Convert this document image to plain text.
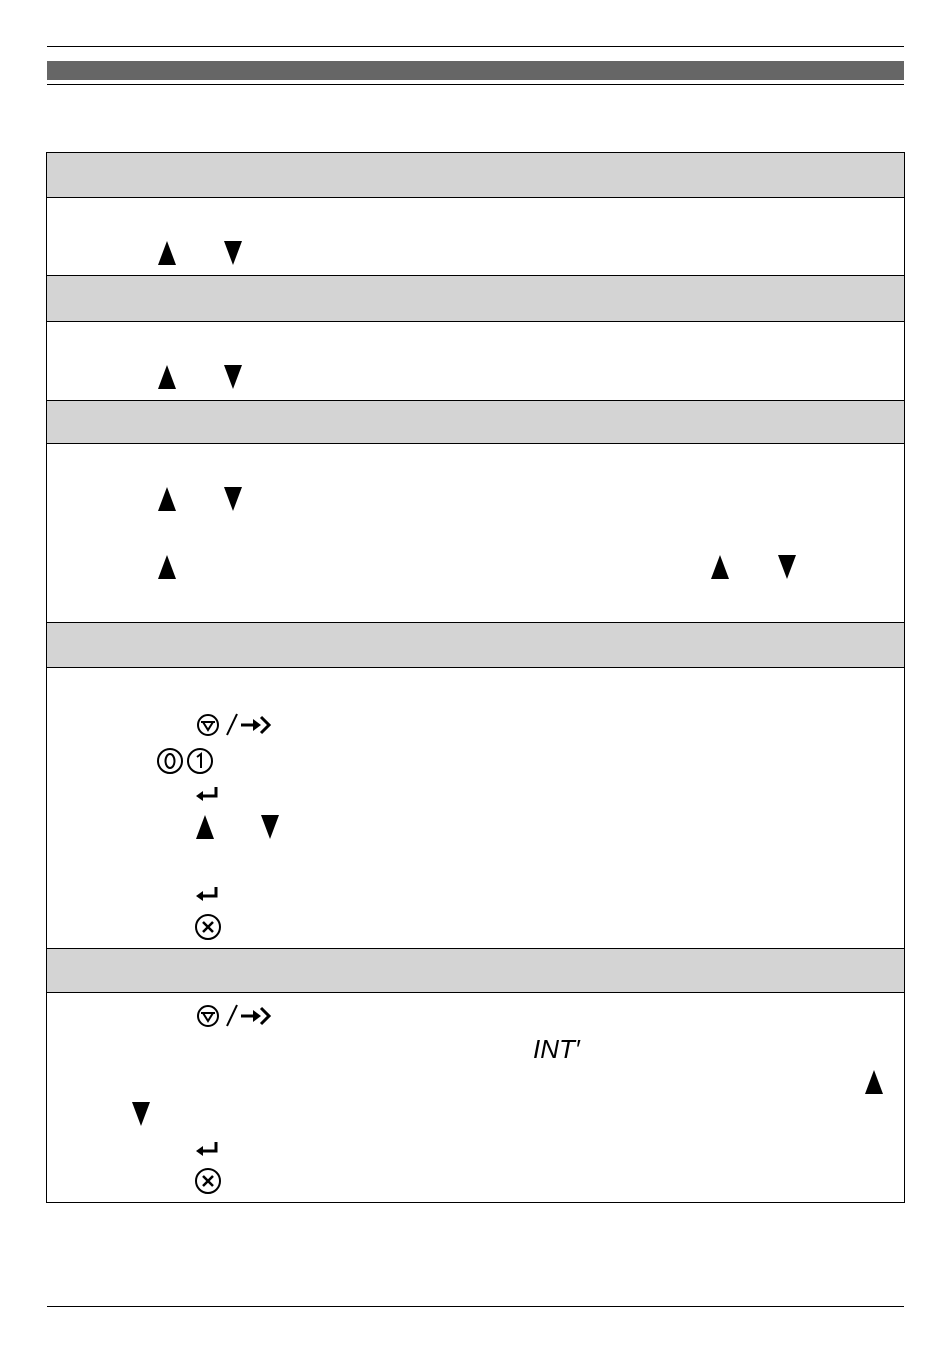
INT′
